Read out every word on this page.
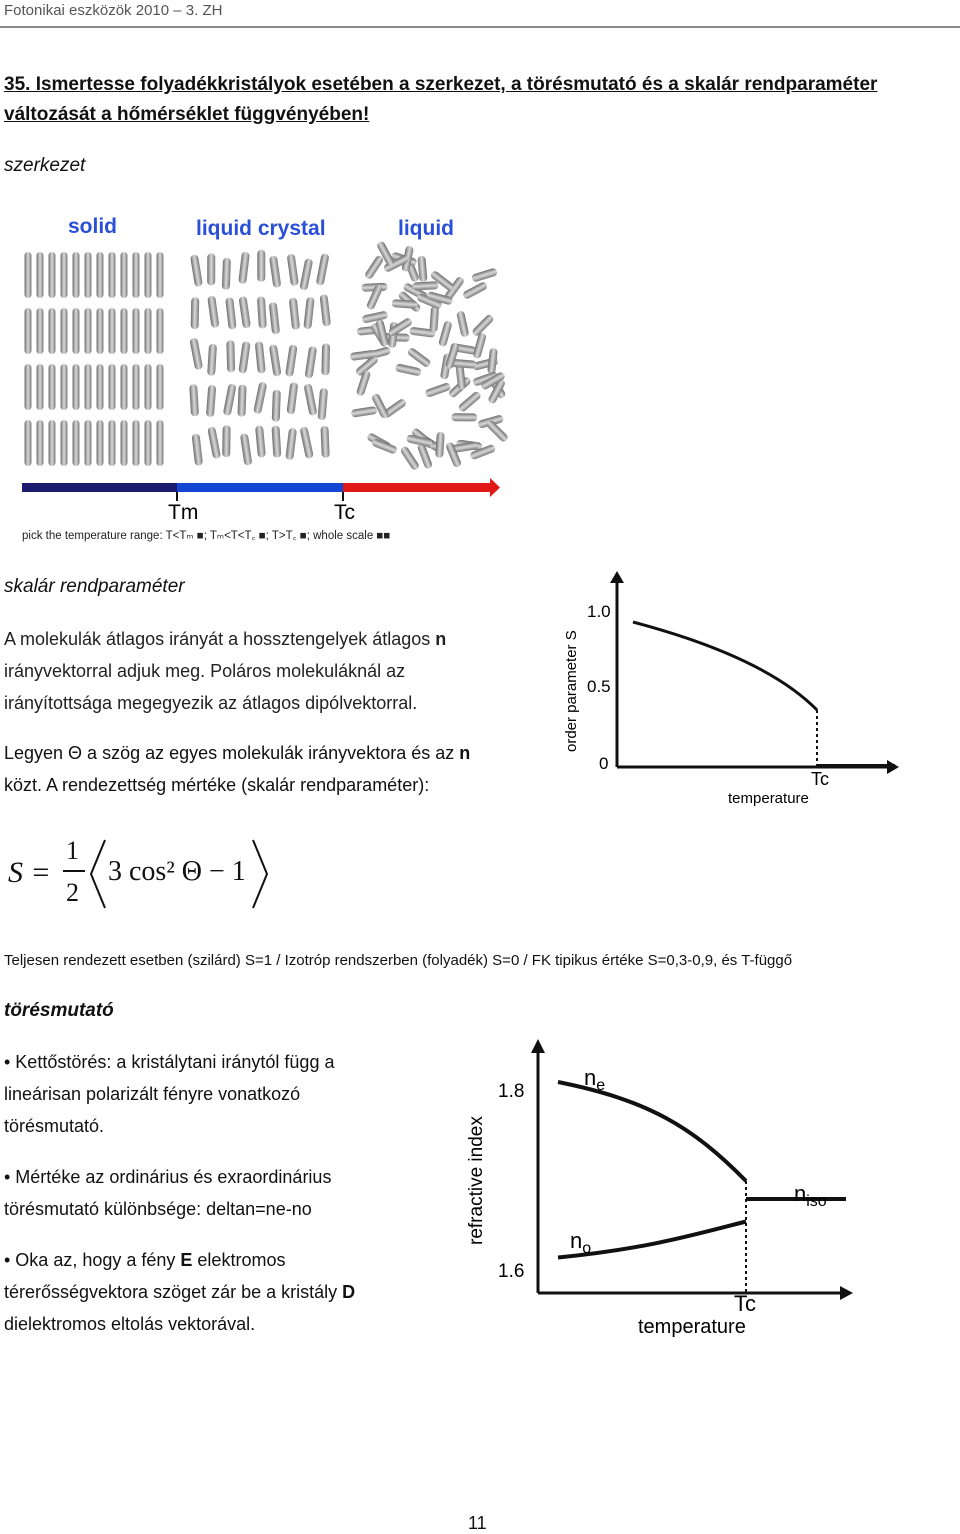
Fotonikai eszközök 2010 – 3. ZH
35. Ismertesse folyadékkristályok esetében a szerkezet, a törésmutató és a skalár rendparaméter
változását a hőmérséklet függvényében!
szerkezet
solid	liquid crystal	liquid
Tm	Tc
pick the temperature range: T<Tₘ ■; Tₘ<T<T꜀ ■; T>T꜀ ■; whole scale ■■
skalár rendparaméter
A molekulák átlagos irányát a hossztengelyek átlagos n
irányvektorral adjuk meg. Poláros molekuláknál az
irányítottsága megegyezik az átlagos dipólvektorral.
Legyen Θ a szög az egyes molekulák irányvektora és az n
közt. A rendezettség mértéke (skalár rendparaméter):
1.0
0.5
0
order parameter S
Tc
temperature
S =
1
2
3 cos² Θ − 1
Teljesen rendezett esetben (szilárd) S=1 / Izotróp rendszerben (folyadék) S=0 / FK tipikus értéke S=0,3-0,9, és T-függő
törésmutató
• Kettőstörés: a kristálytani iránytól függ a
lineárisan polarizált fényre vonatkozó
törésmutató.
• Mértéke az ordinárius és exraordinárius
törésmutató különbsége: deltan=ne-no
• Oka az, hogy a fény E elektromos
térerősségvektora szöget zár be a kristály D
dielektromos eltolás vektorával.
1.8
1.6
refractive index
$n_e$
$n_o$
$n_{iso}$
Tc
temperature
11
